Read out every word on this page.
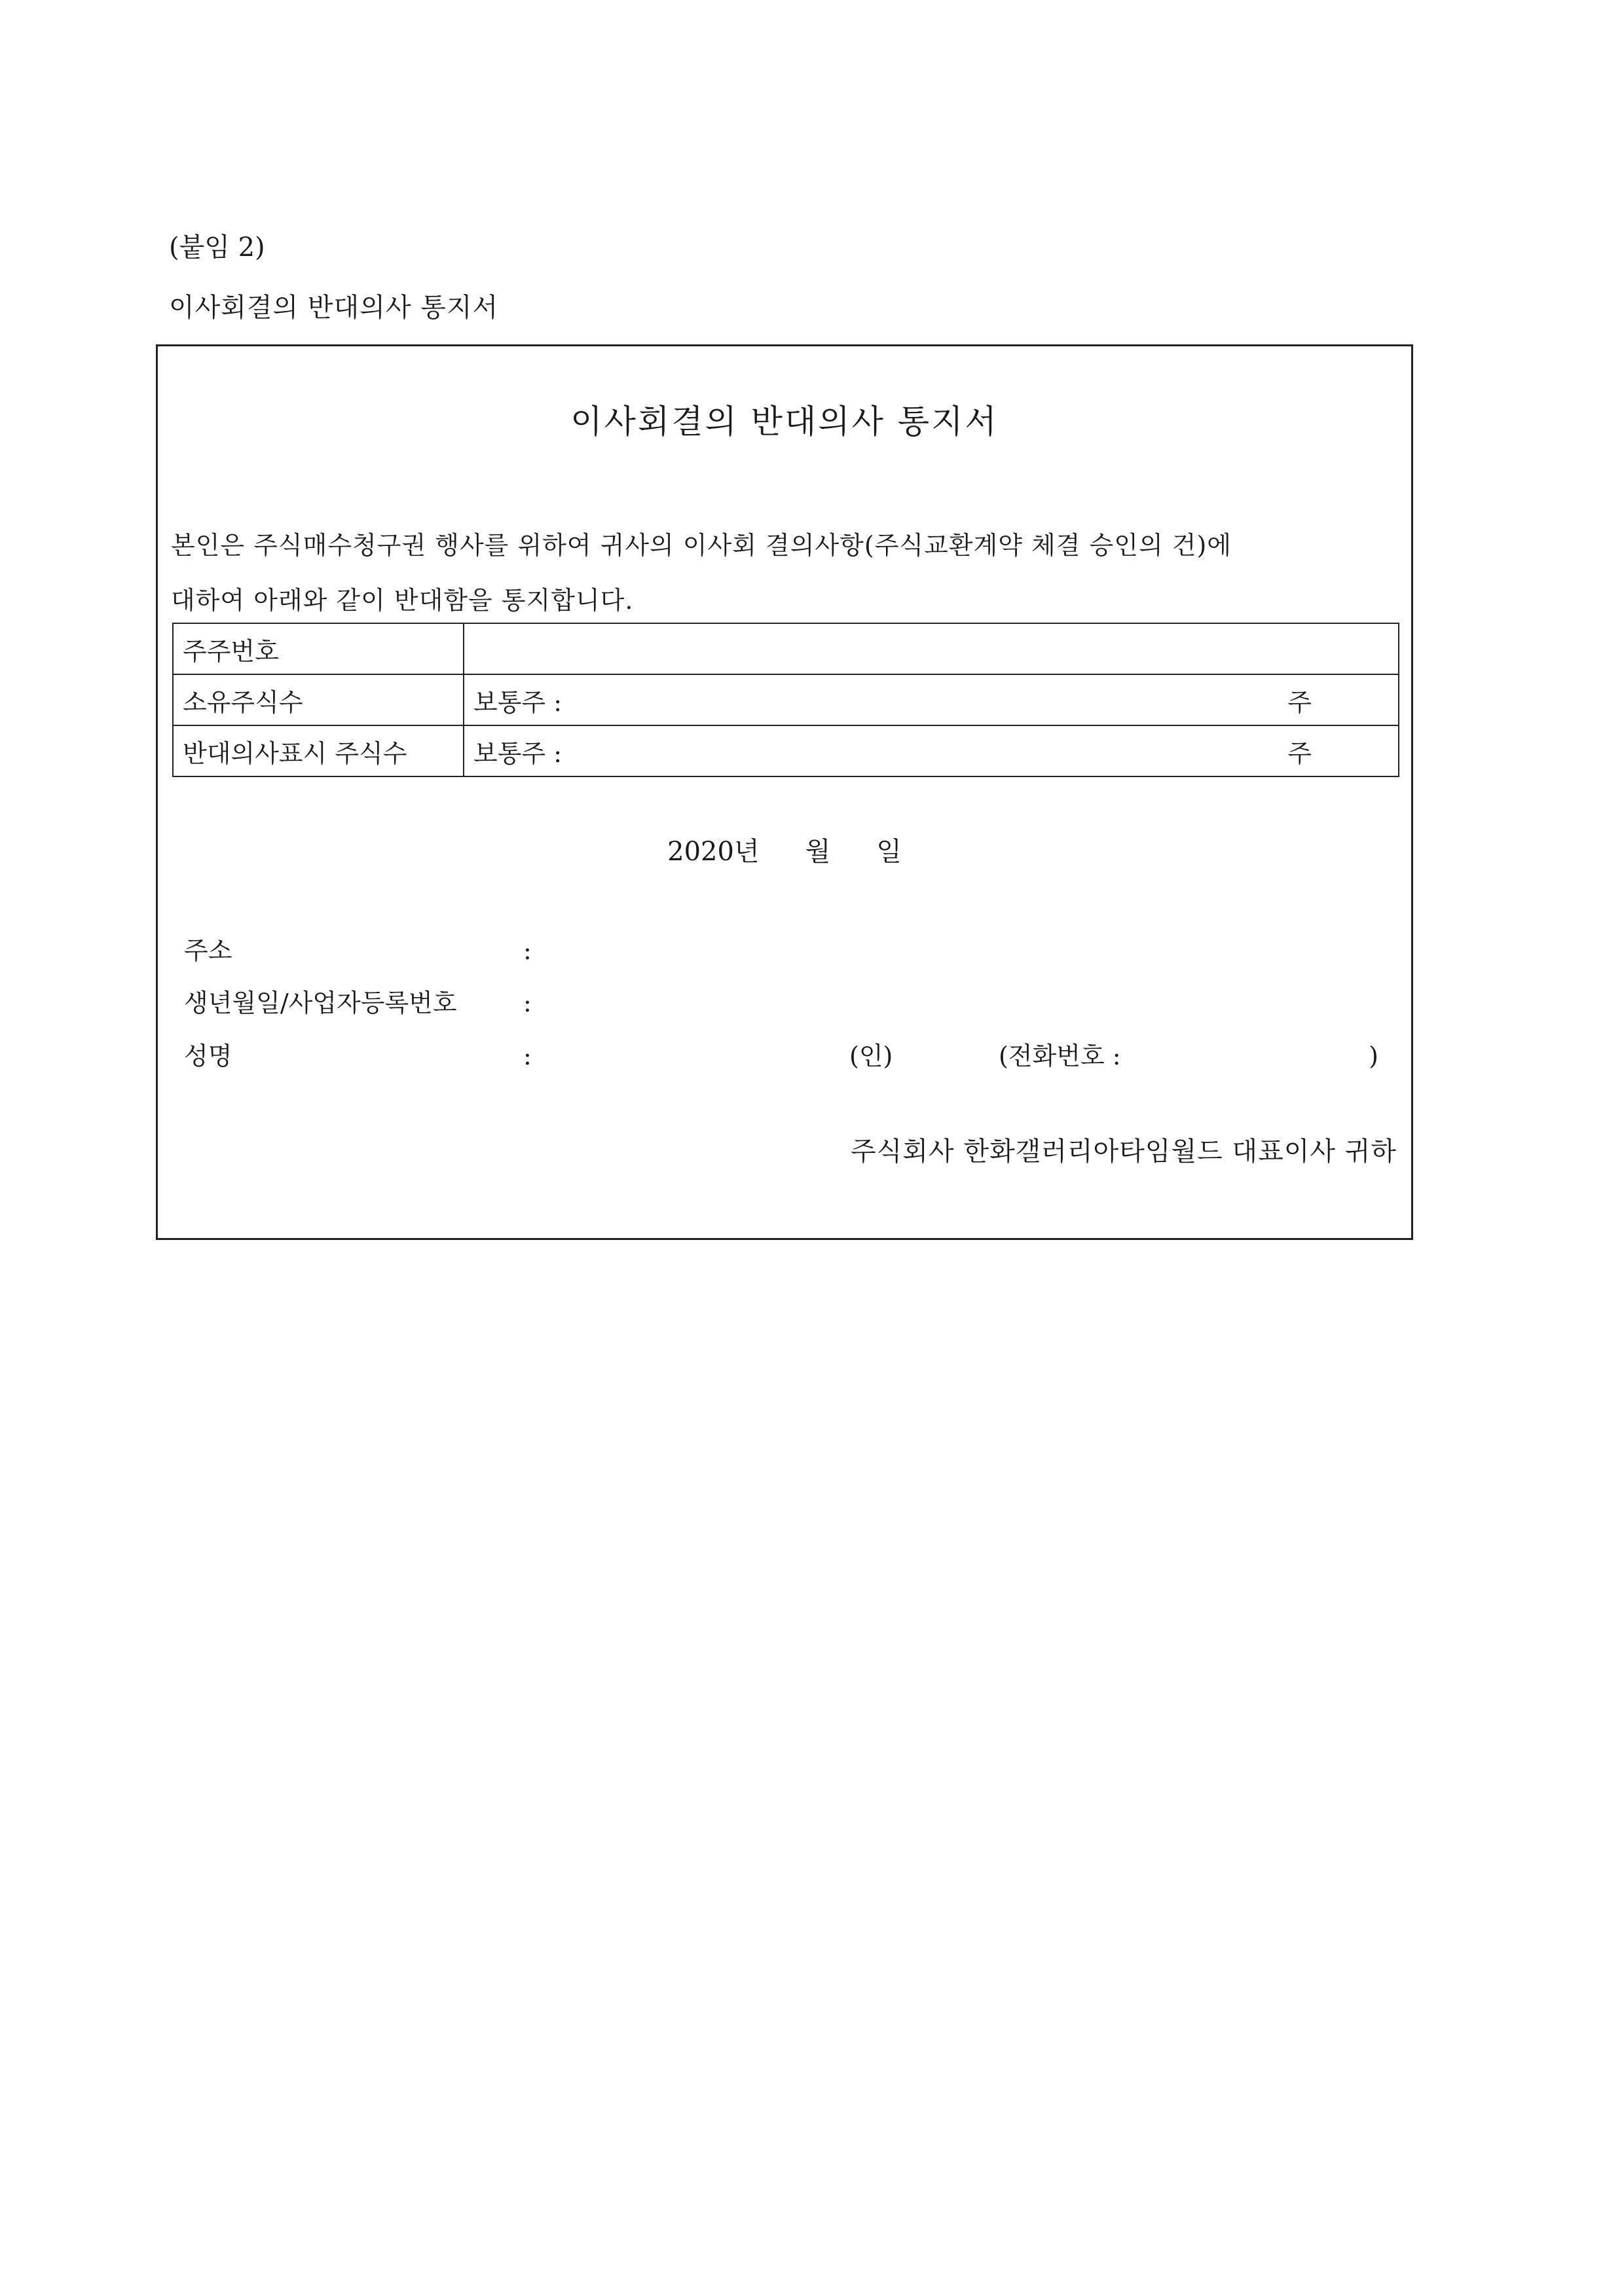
(붙임 2)
이사회결의 반대의사 통지서
이사회결의 반대의사 통지서
본인은 주식매수청구권 행사를 위하여 귀사의 이사회 결의사항(주식교환계약 체결 승인의 건)에
대하여 아래와 같이 반대함을 통지합니다.
주주번호	

소유주식수	보통주 : 주

반대의사표시 주식수	보통주 : 주
2020년 월 일
주소	:
생년월일/사업자등록번호	:
성명	:	(인)	(전화번호 :	)
주식회사 한화갤러리아타임월드 대표이사 귀하
